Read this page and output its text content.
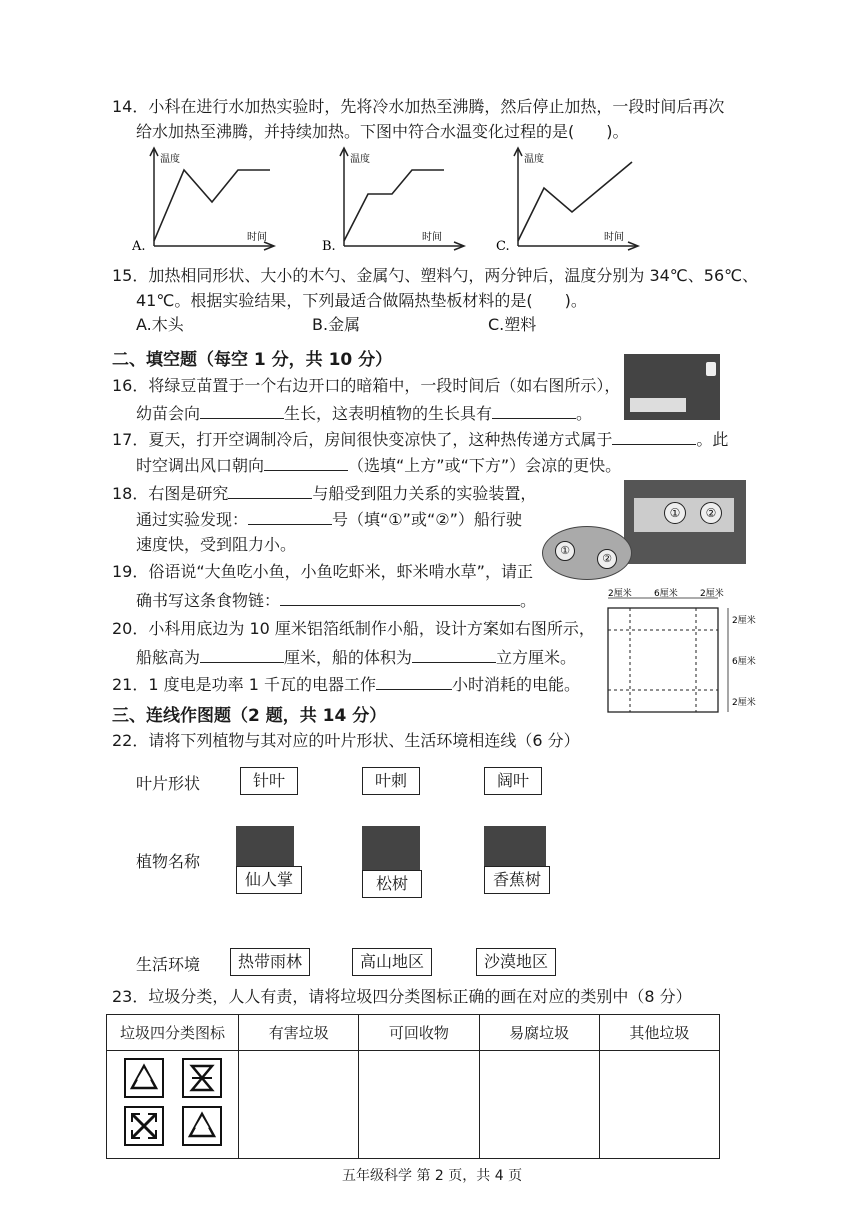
14．小科在进行水加热实验时，先将冷水加热至沸腾，然后停止加热，一段时间后再次
给水加热至沸腾，并持续加热。下图中符合水温变化过程的是(　　)。
A.
温度
时间
B.
温度
时间
C.
温度
时间
15．加热相同形状、大小的木勺、金属勺、塑料勺，两分钟后，温度分别为 34℃、56℃、
41℃。根据实验结果，下列最适合做隔热垫板材料的是(　　)。
A.木头	B.金属	C.塑料
二、填空题（每空 1 分，共 10 分）
16．将绿豆苗置于一个右边开口的暗箱中，一段时间后（如右图所示），
幼苗会向	生长，这表明植物的生长具有	。
17．夏天，打开空调制冷后，房间很快变凉快了，这种热传递方式属于	。此
时空调出风口朝向	（选填“上方”或“下方”）会凉的更快。
①	②
①
②
18．右图是研究	与船受到阻力关系的实验装置，
通过实验发现：	号（填“①”或“②”）船行驶
速度快，受到阻力小。
19．俗语说“大鱼吃小鱼，小鱼吃虾米，虾米啃水草”，请正
确书写这条食物链：	。	2厘米 6厘米 2厘米
2厘米
6厘米
2厘米
20．小科用底边为 10 厘米铝箔纸制作小船，设计方案如右图所示，
船舷高为	厘米，船的体积为	立方厘米。
21．1 度电是功率 1 千瓦的电器工作	小时消耗的电能。
三、连线作图题（2 题，共 14 分）
22．请将下列植物与其对应的叶片形状、生活环境相连线（6 分）
叶片形状	针叶	叶刺	阔叶
植物名称
仙人掌	松树	香蕉树
生活环境	热带雨林	高山地区	沙漠地区
23．垃圾分类，人人有责，请将垃圾四分类图标正确的画在对应的类别中（8 分）
垃圾四分类图标	有害垃圾	可回收物	易腐垃圾	其他垃圾

五年级科学 第 2 页，共 4 页
